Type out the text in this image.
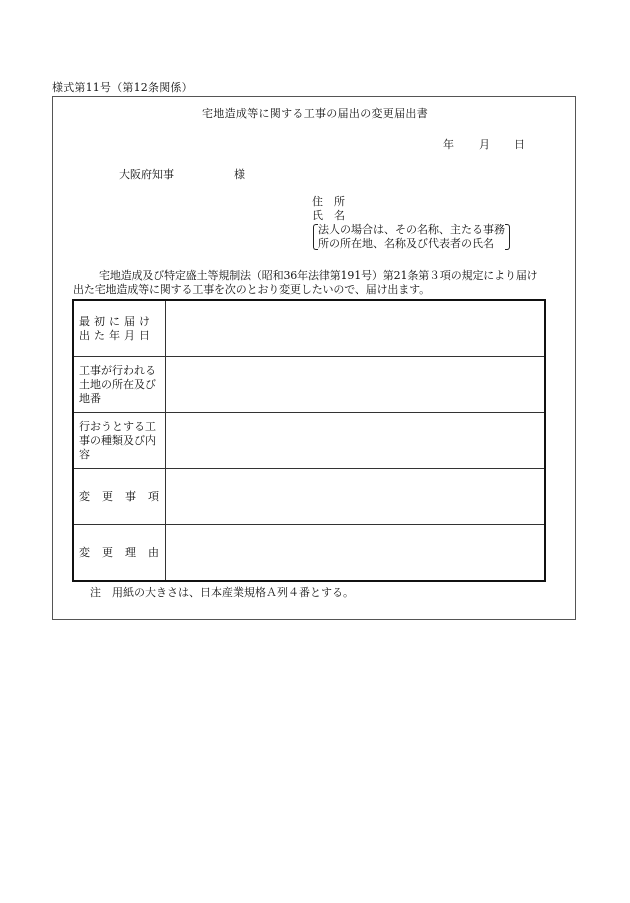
様式第11号（第12条関係）
宅地造成等に関する工事の届出の変更届出書
年 月 日
大阪府知事	様
住　所
氏　名
法人の場合は、その名称、主たる事務
所の所在地、名称及び代表者の氏名
宅地造成及び特定盛土等規制法（昭和36年法律第191号）第21条第３項の規定により届け
出た宅地造成等に関する工事を次のとおり変更したいので、届け出ます。
最初に届け
出た年月日	

工事が行われる
土地の所在及び
地番	

行おうとする工
事の種類及び内
容	

変更事項	

変更理由	

注　用紙の大きさは、日本産業規格Ａ列４番とする。
